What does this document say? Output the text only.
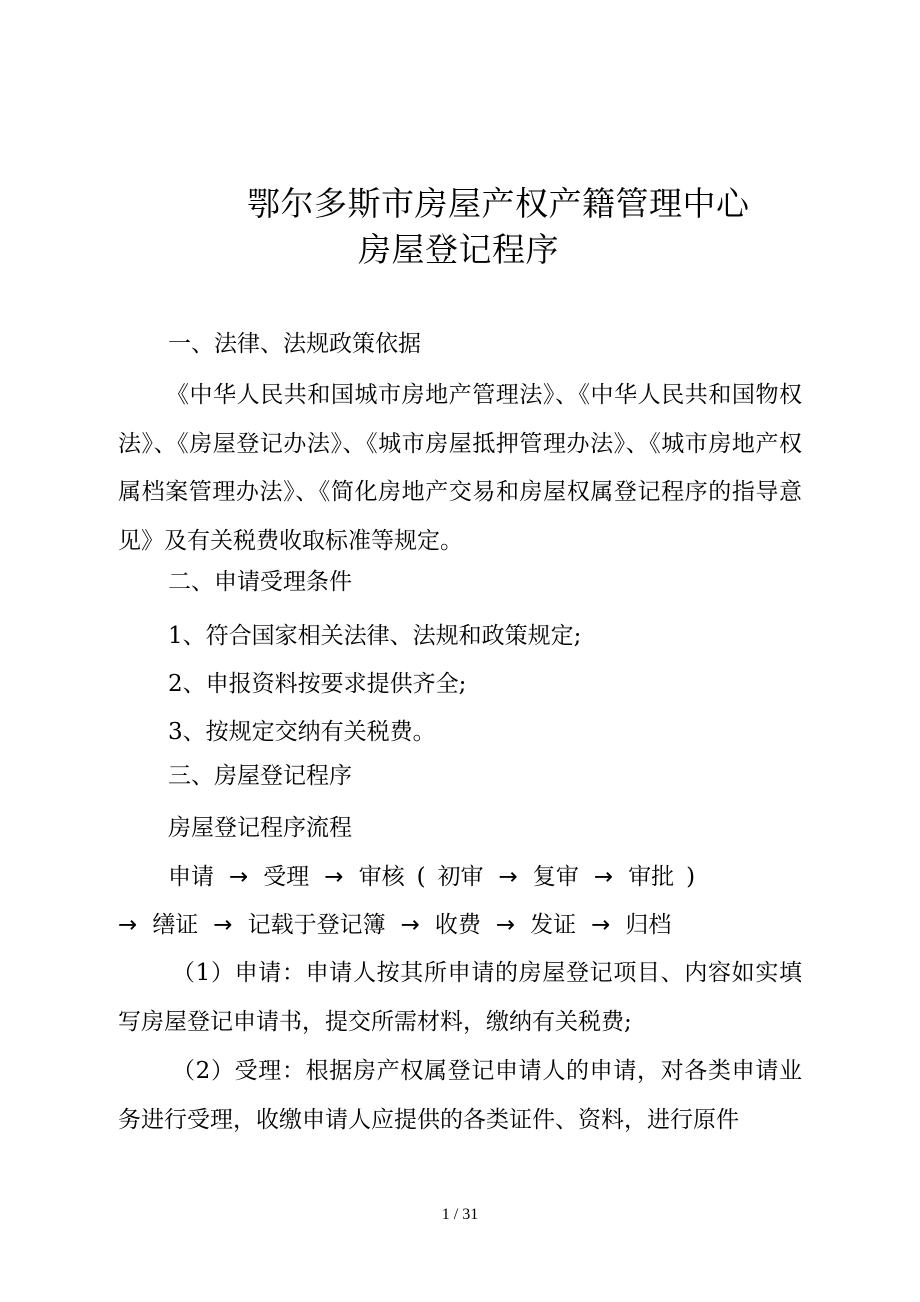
鄂尔多斯市房屋产权产籍管理中心
房屋登记程序
一、法律、法规政策依据

《中华人民共和国城市房地产管理法》、《中华人民共和国物权法》、《房屋登记办法》、《城市房屋抵押管理办法》、《城市房地产权属档案管理办法》、《简化房地产交易和房屋权属登记程序的指导意见》及有关税费收取标准等规定。

二、申请受理条件

1、符合国家相关法律、法规和政策规定;

2、申报资料按要求提供齐全;

3、按规定交纳有关税费。

三、房屋登记程序

房屋登记程序流程

申请 → 受理 → 审核 ( 初审 → 复审 → 审批 )
→ 缮证 → 记载于登记簿 → 收费 → 发证 → 归档

（1）申请：申请人按其所申请的房屋登记项目、内容如实填写房屋登记申请书，提交所需材料，缴纳有关税费;

（2）受理：根据房产权属登记申请人的申请，对各类申请业务进行受理，收缴申请人应提供的各类证件、资料，进行原件

1 / 31
